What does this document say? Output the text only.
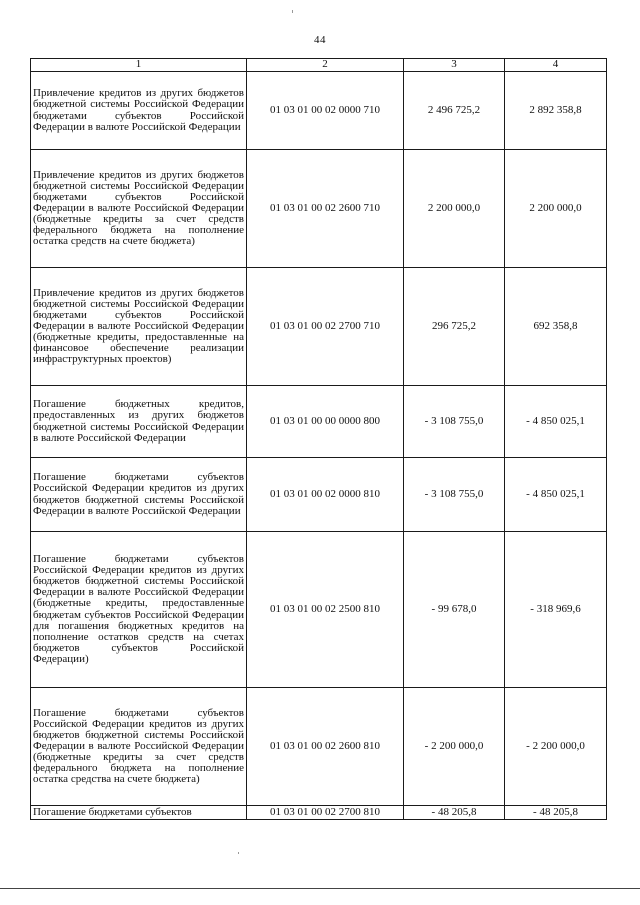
44
1	2	3	4
Привлечение кредитов из других бюджетов бюджетной системы Российской Федерации бюджетами субъектов Российской Федерации в валюте Российской Федерации	01 03 01 00 02 0000 710	2 496 725,2	2 892 358,8
Привлечение кредитов из других бюджетов бюджетной системы Российской Федерации бюджетами субъектов Российской Федерации в валюте Российской Федерации (бюджетные кредиты за счет средств федерального бюджета на пополнение остатка средств на счете бюджета)	01 03 01 00 02 2600 710	2 200 000,0	2 200 000,0
Привлечение кредитов из других бюджетов бюджетной системы Российской Федерации бюджетами субъектов Российской Федерации в валюте Российской Федерации (бюджетные кредиты, предоставленные на финансовое обеспечение реализации инфраструктурных проектов)	01 03 01 00 02 2700 710	296 725,2	692 358,8
Погашение бюджетных кредитов, предоставленных из других бюджетов бюджетной системы Российской Федерации в валюте Российской Федерации	01 03 01 00 00 0000 800	- 3 108 755,0	- 4 850 025,1
Погашение бюджетами субъектов Российской Федерации кредитов из других бюджетов бюджетной системы Российской Федерации в валюте Российской Федерации	01 03 01 00 02 0000 810	- 3 108 755,0	- 4 850 025,1
Погашение бюджетами субъектов Российской Федерации кредитов из других бюджетов бюджетной системы Российской Федерации в валюте Российской Федерации (бюджетные кредиты, предоставленные бюджетам субъектов Российской Федерации для погашения бюджетных кредитов на пополнение остатков средств на счетах бюджетов субъектов Российской Федерации)	01 03 01 00 02 2500 810	- 99 678,0	- 318 969,6
Погашение бюджетами субъектов Российской Федерации кредитов из других бюджетов бюджетной системы Российской Федерации в валюте Российской Федерации (бюджетные кредиты за счет средств федерального бюджета на пополнение остатка средства на счете бюджета)	01 03 01 00 02 2600 810	- 2 200 000,0	- 2 200 000,0
Погашение бюджетами субъектов	01 03 01 00 02 2700 810	- 48 205,8	- 48 205,8
